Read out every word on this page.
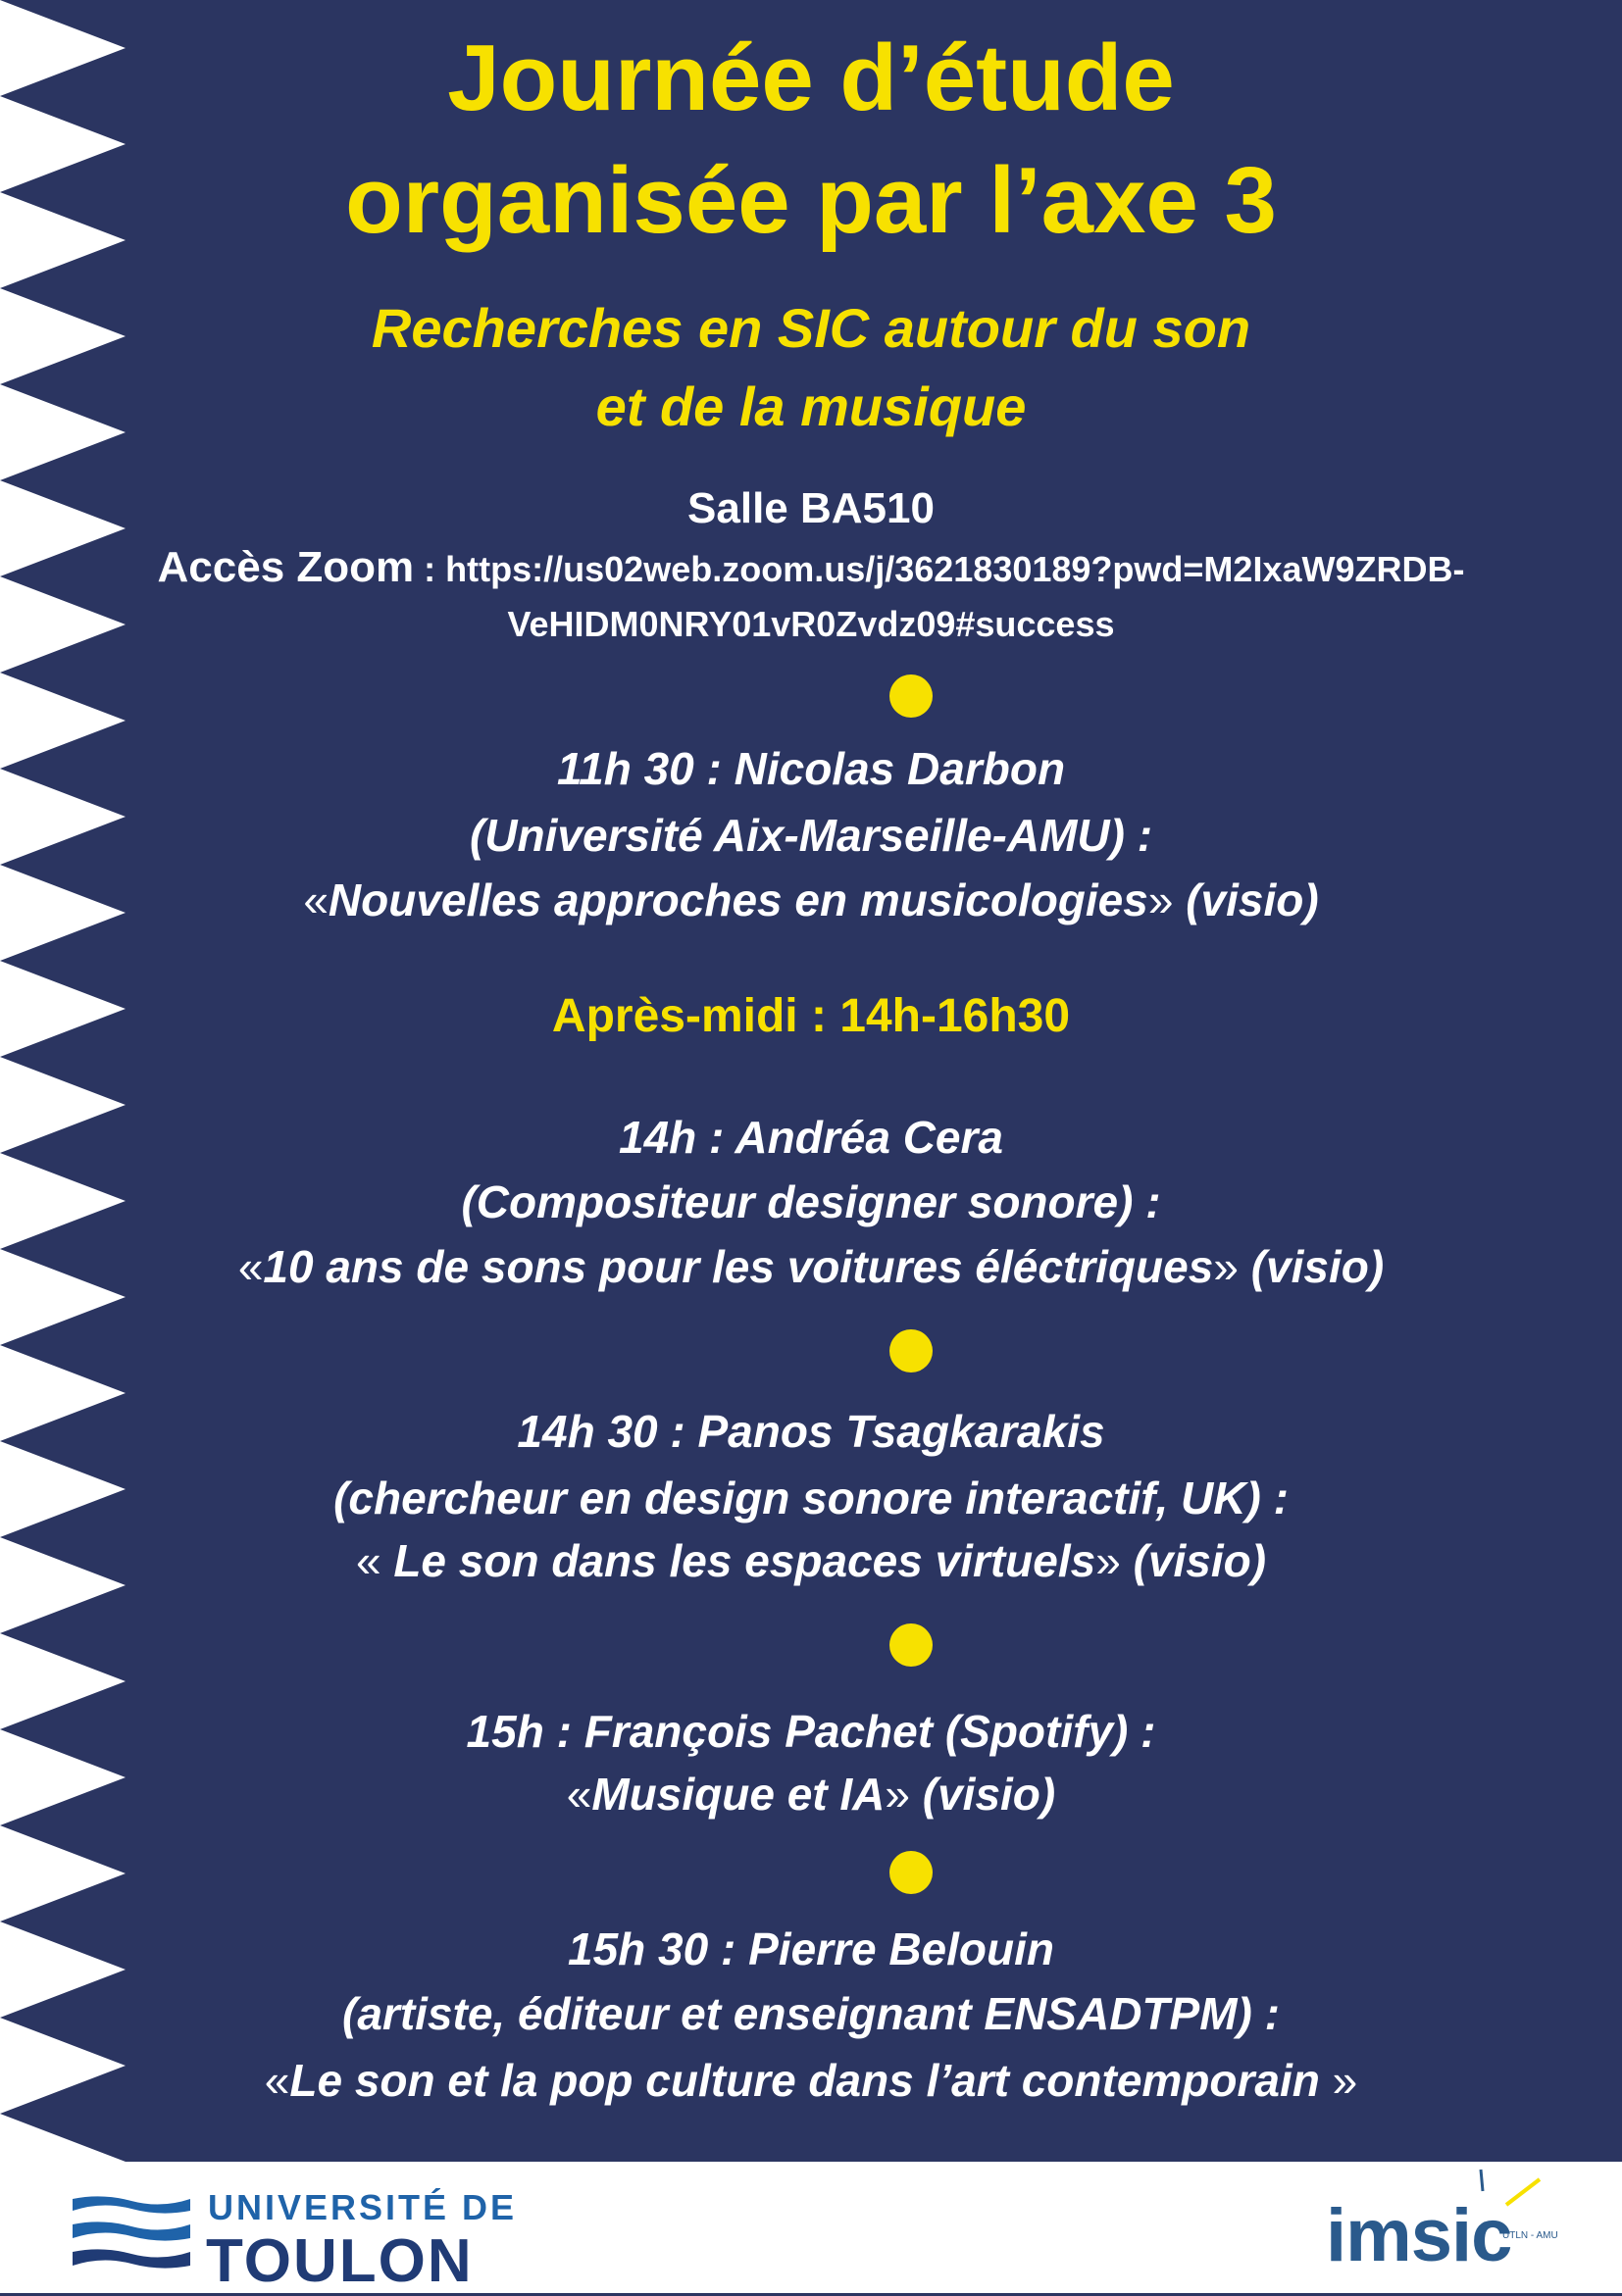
Journée d’étude
organisée par l’axe 3
Recherches en SIC autour du son
et de la musique
Salle BA510
Accès Zoom : https://us02web.zoom.us/j/3621830189?pwd=M2IxaW9ZRDB-
VeHIDM0NRY01vR0Zvdz09#success
11h 30 : Nicolas Darbon
(Université Aix-Marseille-AMU) :
«Nouvelles approches en musicologies» (visio)
Après-midi : 14h-16h30
14h : Andréa Cera
(Compositeur designer sonore) :
«10 ans de sons pour les voitures éléctriques» (visio)
14h 30 : Panos Tsagkarakis
(chercheur en design sonore interactif, UK) :
« Le son dans les espaces virtuels» (visio)
15h : François Pachet (Spotify) :
«Musique et IA» (visio)
15h 30 : Pierre Belouin
(artiste, éditeur et enseignant ENSADTPM) :
«Le son et la pop culture dans l’art contemporain »
UNIVERSITÉ DE
TOULON	imsic
UTLN - AMU
